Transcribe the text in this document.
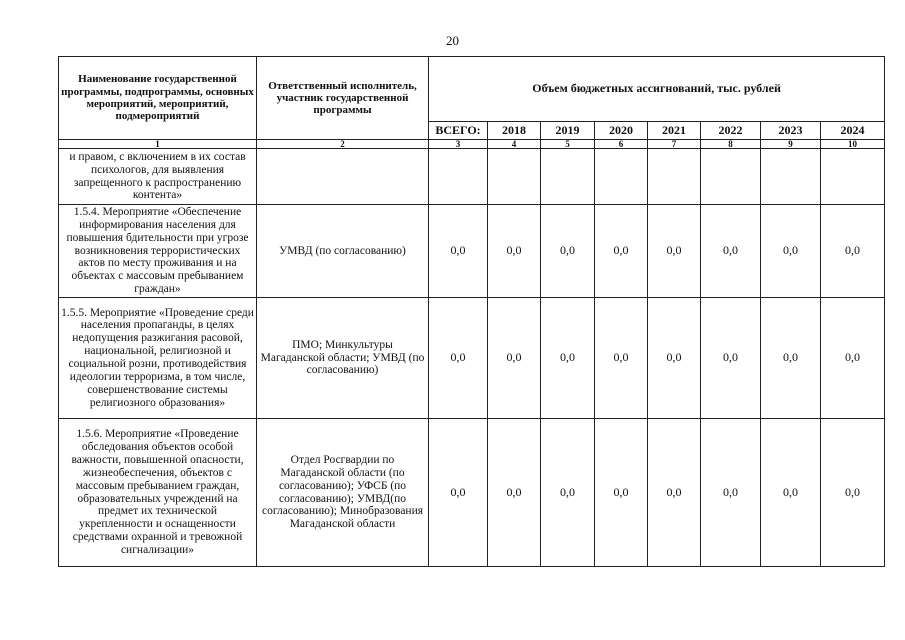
20
Наименование государственной программы, подпрограммы, основных мероприятий, мероприятий, подмероприятий	Ответственный исполнитель, участник государственной программы	Объем бюджетных ассигнований, тыс. рублей							
		ВСЕГО:	2018	2019	2020	2021	2022	2023	2024
1	2	3	4	5	6	7	8	9	10
и правом, с включением в их состав психологов, для выявления запрещенного к распространению контента»									
1.5.4. Мероприятие «Обеспечение информирования населения для повышения бдительности при угрозе возникновения террористических актов по месту проживания и на объектах с массовым пребыванием граждан»	УМВД (по согласованию)	0,0	0,0	0,0	0,0	0,0	0,0	0,0	0,0
1.5.5. Мероприятие «Проведение среди населения пропаганды, в целях недопущения разжигания расовой, национальной, религиозной и социальной розни, противодействия идеологии терроризма, в том числе, совершенствование системы религиозного образования»	ПМО; Минкультуры Магаданской области; УМВД (по согласованию)	0,0	0,0	0,0	0,0	0,0	0,0	0,0	0,0
1.5.6. Мероприятие «Проведение обследования объектов особой важности, повышенной опасности, жизнеобеспечения, объектов с массовым пребыванием граждан, образовательных учреждений на предмет их технической укрепленности и оснащенности средствами охранной и тревожной сигнализации»	Отдел Росгвардии по Магаданской области (по согласованию); УФСБ (по согласованию); УМВД(по согласованию); Минобразования Магаданской области	0,0	0,0	0,0	0,0	0,0	0,0	0,0	0,0
